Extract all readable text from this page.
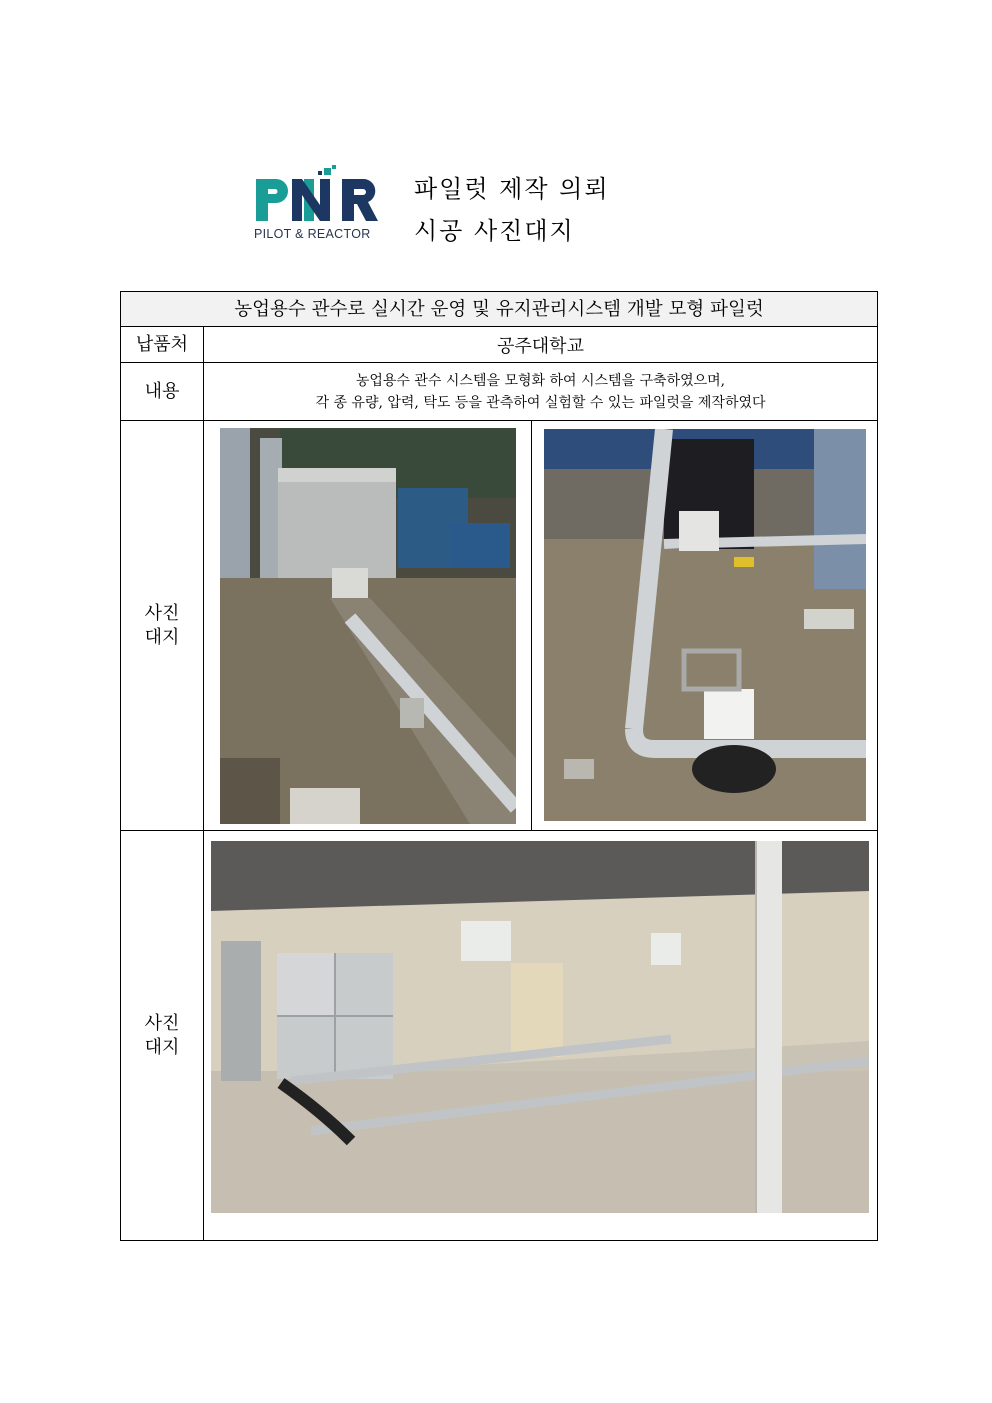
PILOT & REACTOR
파일럿 제작 의뢰
시공 사진대지
농업용수 관수로 실시간 운영 및 유지관리시스템 개발 모형 파일럿
납품처	공주대학교
내용	농업용수 관수 시스템을 모형화 하여 시스템을 구축하였으며,
각 종 유량, 압력, 탁도 등을 관측하여 실험할 수 있는 파일럿을 제작하였다
사진
대지
사진
대지
